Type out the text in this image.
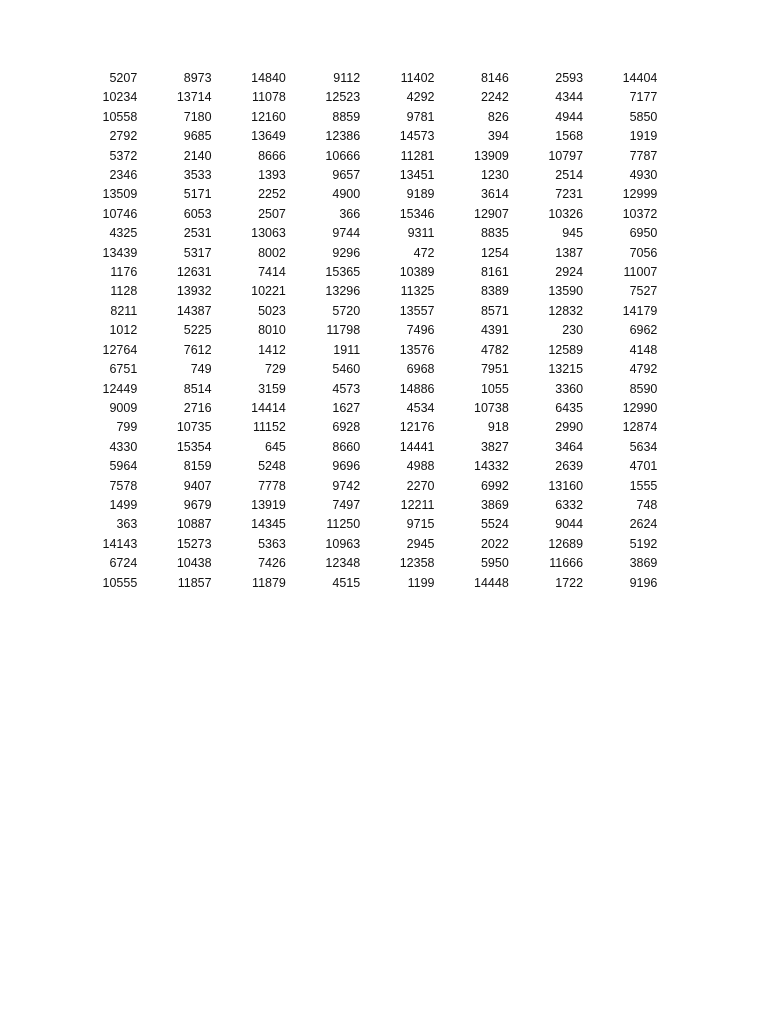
5207	8973	14840	9112	11402	8146	2593	14404
10234	13714	11078	12523	4292	2242	4344	7177
10558	7180	12160	8859	9781	826	4944	5850
2792	9685	13649	12386	14573	394	1568	1919
5372	2140	8666	10666	11281	13909	10797	7787
2346	3533	1393	9657	13451	1230	2514	4930
13509	5171	2252	4900	9189	3614	7231	12999
10746	6053	2507	366	15346	12907	10326	10372
4325	2531	13063	9744	9311	8835	945	6950
13439	5317	8002	9296	472	1254	1387	7056
1176	12631	7414	15365	10389	8161	2924	11007
1128	13932	10221	13296	11325	8389	13590	7527
8211	14387	5023	5720	13557	8571	12832	14179
1012	5225	8010	11798	7496	4391	230	6962
12764	7612	1412	1911	13576	4782	12589	4148
6751	749	729	5460	6968	7951	13215	4792
12449	8514	3159	4573	14886	1055	3360	8590
9009	2716	14414	1627	4534	10738	6435	12990
799	10735	11152	6928	12176	918	2990	12874
4330	15354	645	8660	14441	3827	3464	5634
5964	8159	5248	9696	4988	14332	2639	4701
7578	9407	7778	9742	2270	6992	13160	1555
1499	9679	13919	7497	12211	3869	6332	748
363	10887	14345	11250	9715	5524	9044	2624
14143	15273	5363	10963	2945	2022	12689	5192
6724	10438	7426	12348	12358	5950	11666	3869
10555	11857	11879	4515	1199	14448	1722	9196
